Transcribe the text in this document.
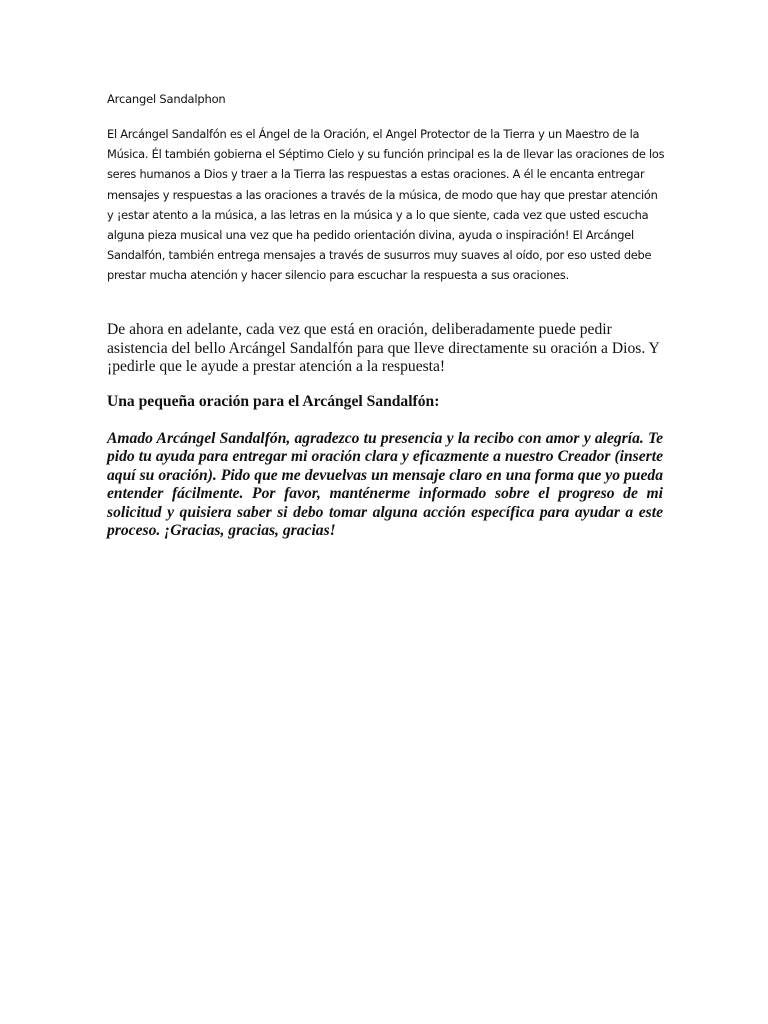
Arcangel Sandalphon

El Arcángel Sandalfón es el Ángel de la Oración, el Angel Protector de la Tierra y un Maestro de la Música. Él también gobierna el Séptimo Cielo y su función principal es la de llevar las oraciones de los seres humanos a Dios y traer a la Tierra las respuestas a estas oraciones. A él le encanta entregar mensajes y respuestas a las oraciones a través de la música, de modo que hay que prestar atención y ¡estar atento a la música, a las letras en la música y a lo que siente, cada vez que usted escucha alguna pieza musical una vez que ha pedido orientación divina, ayuda o inspiración! El Arcángel Sandalfón, también entrega mensajes a través de susurros muy suaves al oído, por eso usted debe prestar mucha atención y hacer silencio para escuchar la respuesta a sus oraciones.

De ahora en adelante, cada vez que está en oración, deliberadamente puede pedir asistencia del bello Arcángel Sandalfón para que lleve directamente su oración a Dios. Y ¡pedirle que le ayude a prestar atención a la respuesta!

Una pequeña oración para el Arcángel Sandalfón:

Amado Arcángel Sandalfón, agradezco tu presencia y la recibo con amor y alegría. Te pido tu ayuda para entregar mi oración clara y eficazmente a nuestro Creador (inserte aquí su oración). Pido que me devuelvas un mensaje claro en una forma que yo pueda entender fácilmente. Por favor, manténerme informado sobre el progreso de mi solicitud y quisiera saber si debo tomar alguna acción específica para ayudar a este proceso. ¡Gracias, gracias, gracias!
